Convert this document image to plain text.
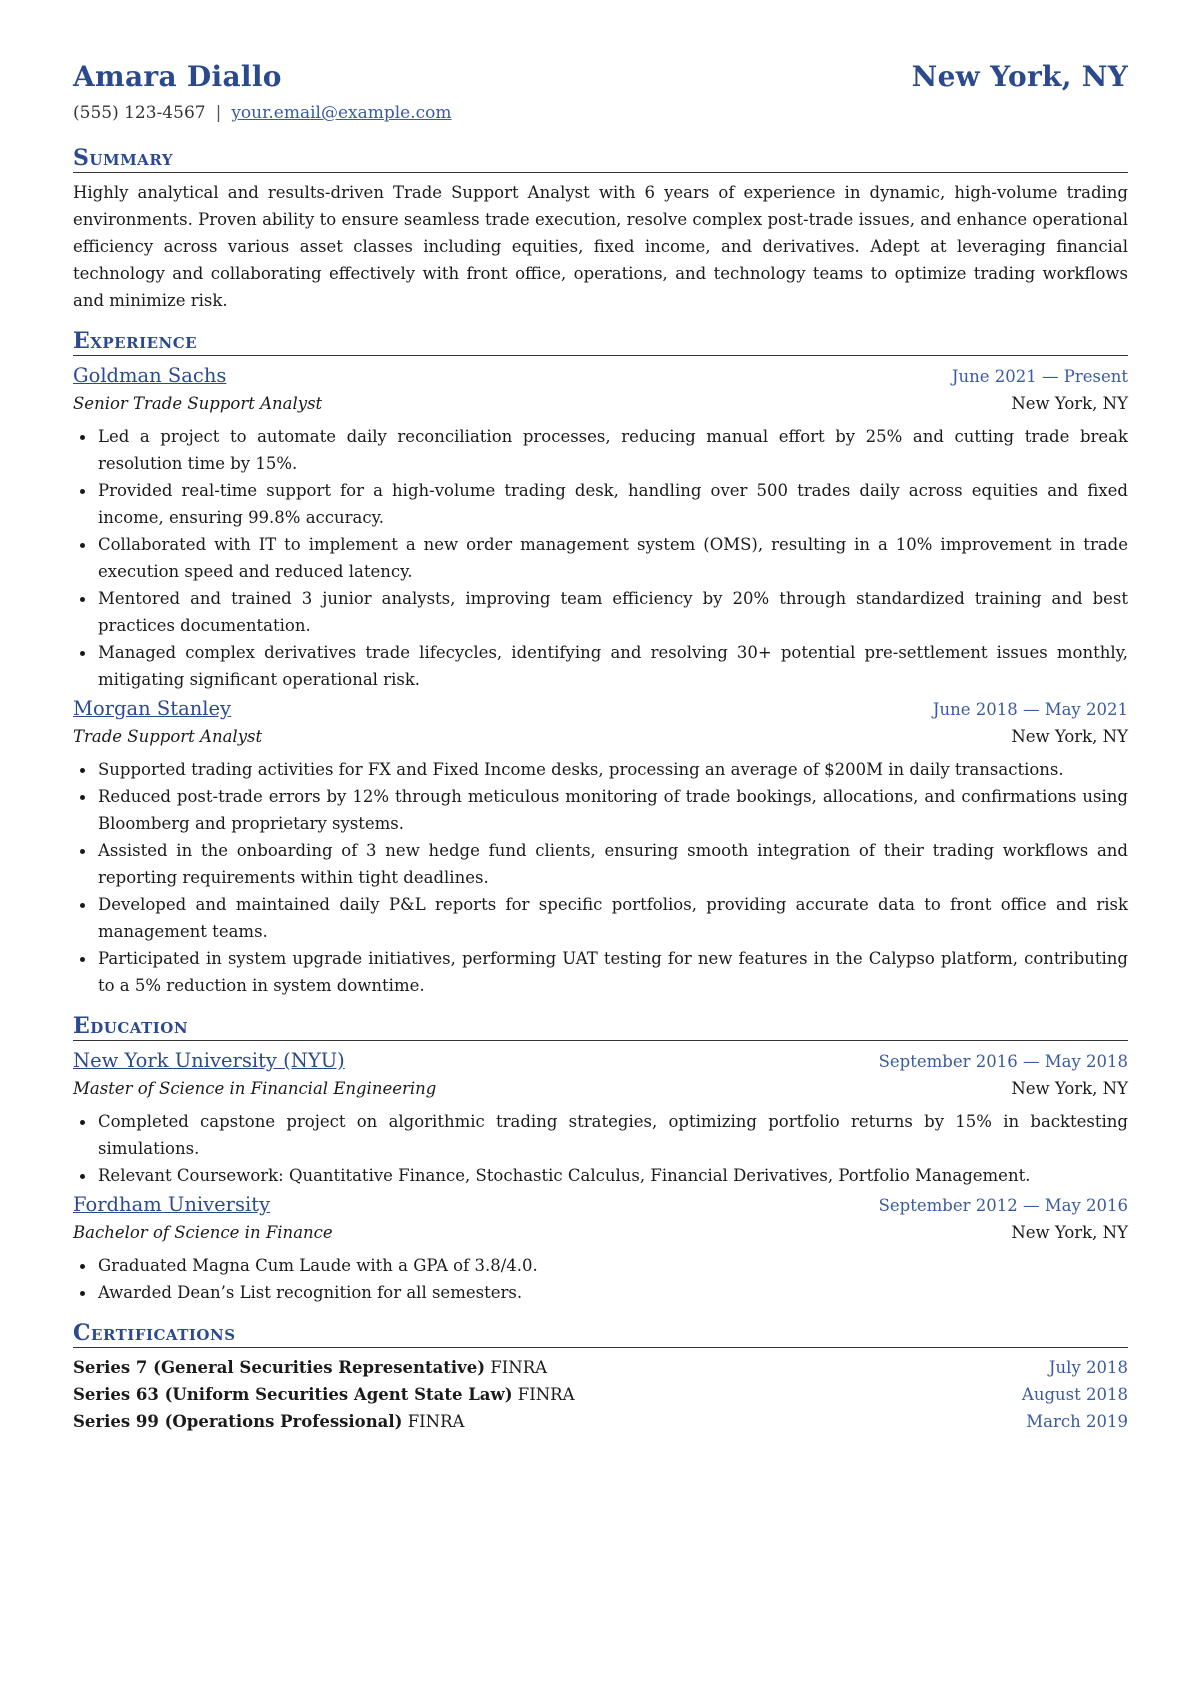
Amara Diallo	New York, NY
(555) 123-4567 | your.email@example.com
Summary
Highly analytical and results-driven Trade Support Analyst with 6 years of experience in dynamic, high-volume trading environments. Proven ability to ensure seamless trade execution, resolve complex post-trade issues, and enhance operational efficiency across various asset classes including equities, fixed income, and derivatives. Adept at leveraging financial technology and collaborating effectively with front office, operations, and technology teams to optimize trading workflows and minimize risk.
Experience
Goldman Sachs	June 2021 — Present
Senior Trade Support Analyst	New York, NY
Led a project to automate daily reconciliation processes, reducing manual effort by 25% and cutting trade break resolution time by 15%.
Provided real-time support for a high-volume trading desk, handling over 500 trades daily across equities and fixed income, ensuring 99.8% accuracy.
Collaborated with IT to implement a new order management system (OMS), resulting in a 10% improvement in trade execution speed and reduced latency.
Mentored and trained 3 junior analysts, improving team efficiency by 20% through standardized training and best practices documentation.
Managed complex derivatives trade lifecycles, identifying and resolving 30+ potential pre-settlement issues monthly, mitigating significant operational risk.
Morgan Stanley	June 2018 — May 2021
Trade Support Analyst	New York, NY
Supported trading activities for FX and Fixed Income desks, processing an average of $200M in daily transactions.
Reduced post-trade errors by 12% through meticulous monitoring of trade bookings, allocations, and confirmations using Bloomberg and proprietary systems.
Assisted in the onboarding of 3 new hedge fund clients, ensuring smooth integration of their trading workflows and reporting requirements within tight deadlines.
Developed and maintained daily P&L reports for specific portfolios, providing accurate data to front office and risk management teams.
Participated in system upgrade initiatives, performing UAT testing for new features in the Calypso platform, contributing to a 5% reduction in system downtime.
Education
New York University (NYU)	September 2016 — May 2018
Master of Science in Financial Engineering	New York, NY
Completed capstone project on algorithmic trading strategies, optimizing portfolio returns by 15% in backtesting simulations.
Relevant Coursework: Quantitative Finance, Stochastic Calculus, Financial Derivatives, Portfolio Management.
Fordham University	September 2012 — May 2016
Bachelor of Science in Finance	New York, NY
Graduated Magna Cum Laude with a GPA of 3.8/4.0.
Awarded Dean’s List recognition for all semesters.
Certifications
Series 7 (General Securities Representative) FINRA	July 2018
Series 63 (Uniform Securities Agent State Law) FINRA	August 2018
Series 99 (Operations Professional) FINRA	March 2019
